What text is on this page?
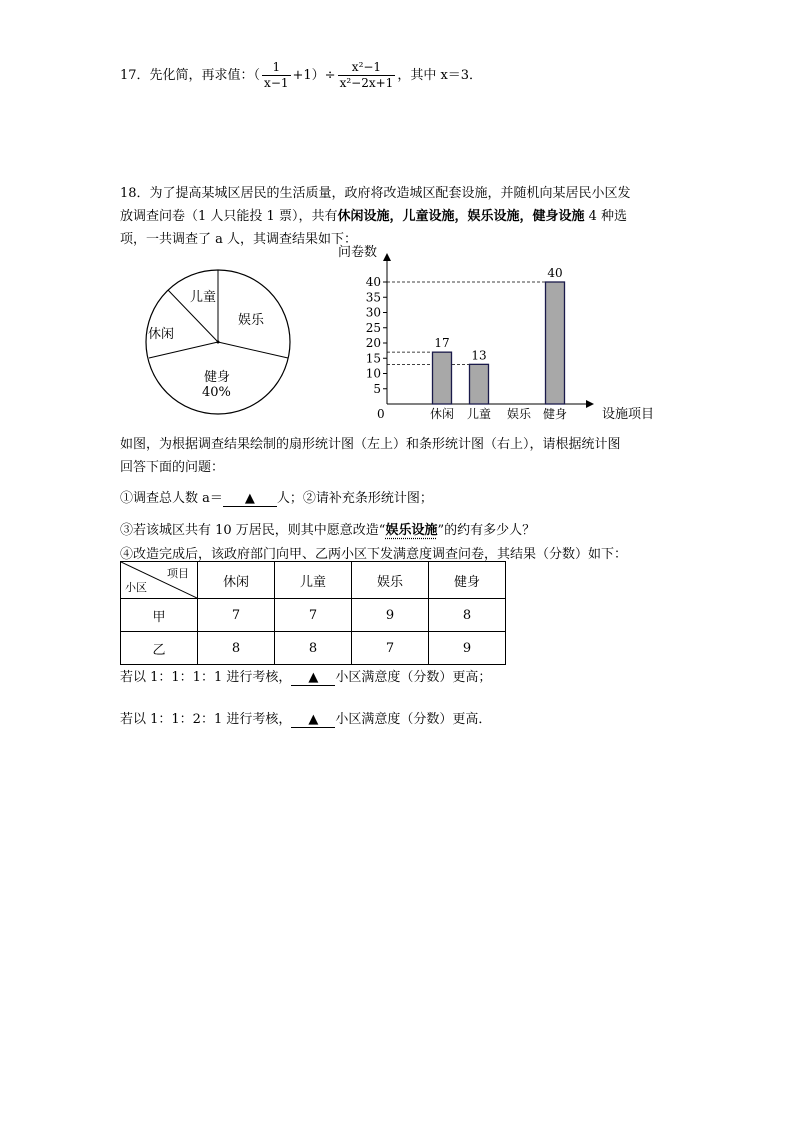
17．先化简，再求值：（ $\frac{1}{x-1} +1)\div \frac{\text{x²−1}}{\text{x²−2x+1}}$ ，其中 x＝3．
18．为了提高某城区居民的生活质量，政府将改造城区配套设施，并随机向某居民小区发
放调查问卷（1 人只能投 1 票），共有休闲设施，儿童设施，娱乐设施，健身设施 4 种选
项，一共调查了 a 人，其调查结果如下：
儿童
娱乐
休闲
健身
40%
问卷数
0	设施项目
5
10
15
20
25
30
35
40
17
13
40
休闲 儿童 娱乐 健身
如图，为根据调查结果绘制的扇形统计图（左上）和条形统计图（右上），请根据统计图
回答下面的问题：
①调查总人数 a＝ ▲ 人；②请补充条形统计图；
③若该城区共有 10 万居民，则其中愿意改造“娱乐设施”的约有多少人？
④改造完成后，该政府部门向甲、乙两小区下发满意度调查问卷，其结果（分数）如下：
项目
小区	休闲	儿童	娱乐	健身
甲	7	7	9	8
乙	8	8	7	9
若以 1：1：1：1 进行考核， ▲ 小区满意度（分数）更高；
若以 1：1：2：1 进行考核， ▲ 小区满意度（分数）更高．
